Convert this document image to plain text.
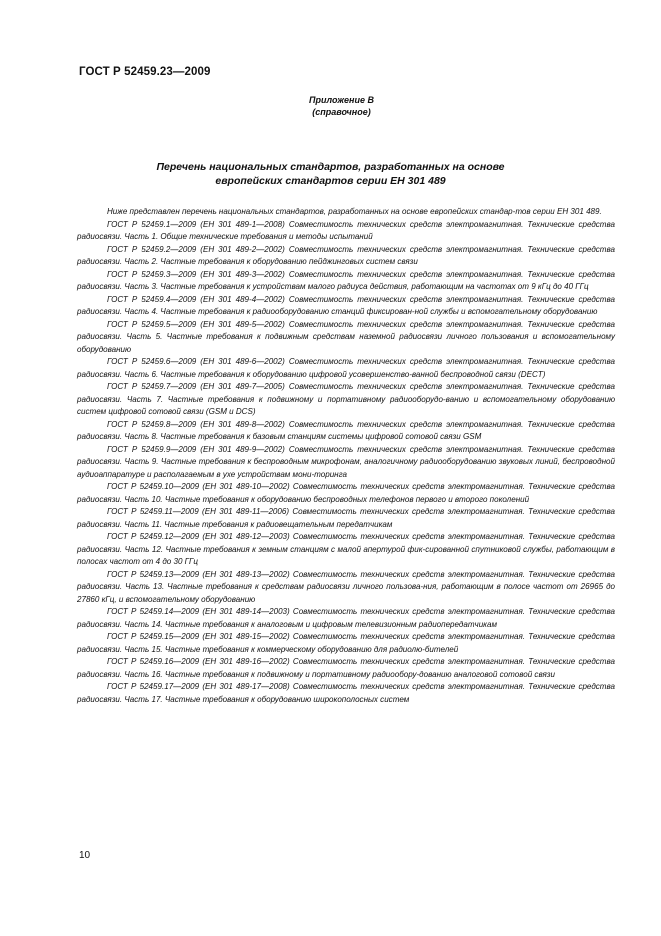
ГОСТ Р 52459.23—2009
Приложение В
(справочное)
Перечень национальных стандартов, разработанных на основе
европейских стандартов серии ЕН 301 489

Ниже представлен перечень национальных стандартов, разработанных на основе европейских стандар-тов серии ЕН 301 489.

ГОСТ Р 52459.1—2009 (ЕН 301 489-1—2008) Совместимость технических средств электромагнитная. Технические средства радиосвязи. Часть 1. Общие технические требования и методы испытаний

ГОСТ Р 52459.2—2009 (ЕН 301 489-2—2002) Совместимость технических средств электромагнитная. Технические средства радиосвязи. Часть 2. Частные требования к оборудованию пейджинговых систем связи

ГОСТ Р 52459.3—2009 (ЕН 301 489-3—2002) Совместимость технических средств электромагнитная. Технические средства радиосвязи. Часть 3. Частные требования к устройствам малого радиуса действия, работающим на частотах от 9 кГц до 40 ГГц

ГОСТ Р 52459.4—2009 (ЕН 301 489-4—2002) Совместимость технических средств электромагнитная. Технические средства радиосвязи. Часть 4. Частные требования к радиооборудованию станций фиксирован-ной службы и вспомогательному оборудованию

ГОСТ Р 52459.5—2009 (ЕН 301 489-5—2002) Совместимость технических средств электромагнитная. Технические средства радиосвязи. Часть 5. Частные требования к подвижным средствам наземной радиосвязи личного пользования и вспомогательному оборудованию

ГОСТ Р 52459.6—2009 (ЕН 301 489-6—2002) Совместимость технических средств электромагнитная. Технические средства радиосвязи. Часть 6. Частные требования к оборудованию цифровой усовершенство-ванной беспроводной связи (DECT)

ГОСТ Р 52459.7—2009 (ЕН 301 489-7—2005) Совместимость технических средств электромагнитная. Технические средства радиосвязи. Часть 7. Частные требования к подвижному и портативному радиооборудо-ванию и вспомогательному оборудованию систем цифровой сотовой связи (GSM и DCS)

ГОСТ Р 52459.8—2009 (ЕН 301 489-8—2002) Совместимость технических средств электромагнитная. Технические средства радиосвязи. Часть 8. Частные требования к базовым станциям системы цифровой сотовой связи GSM

ГОСТ Р 52459.9—2009 (ЕН 301 489-9—2002) Совместимость технических средств электромагнитная. Технические средства радиосвязи. Часть 9. Частные требования к беспроводным микрофонам, аналогичному радиооборудованию звуковых линий, беспроводной аудиоаппаратуре и располагаемым в ухе устройствам мони-торинга

ГОСТ Р 52459.10—2009 (ЕН 301 489-10—2002) Совместимость технических средств электромагнитная. Технические средства радиосвязи. Часть 10. Частные требования к оборудованию беспроводных телефонов первого и второго поколений

ГОСТ Р 52459.11—2009 (ЕН 301 489-11—2006) Совместимость технических средств электромагнитная. Технические средства радиосвязи. Часть 11. Частные требования к радиовещательным передатчикам

ГОСТ Р 52459.12—2009 (ЕН 301 489-12—2003) Совместимость технических средств электромагнитная. Технические средства радиосвязи. Часть 12. Частные требования к земным станциям с малой апертурой фик-сированной спутниковой службы, работающим в полосах частот от 4 до 30 ГГц

ГОСТ Р 52459.13—2009 (ЕН 301 489-13—2002) Совместимость технических средств электромагнитная. Технические средства радиосвязи. Часть 13. Частные требования к средствам радиосвязи личного пользова-ния, работающим в полосе частот от 26965 до 27860 кГц, и вспомогательному оборудованию

ГОСТ Р 52459.14—2009 (ЕН 301 489-14—2003) Совместимость технических средств электромагнитная. Технические средства радиосвязи. Часть 14. Частные требования к аналоговым и цифровым телевизионным радиопередатчикам

ГОСТ Р 52459.15—2009 (ЕН 301 489-15—2002) Совместимость технических средств электромагнитная. Технические средства радиосвязи. Часть 15. Частные требования к коммерческому оборудованию для радиолю-бителей

ГОСТ Р 52459.16—2009 (ЕН 301 489-16—2002) Совместимость технических средств электромагнитная. Технические средства радиосвязи. Часть 16. Частные требования к подвижному и портативному радиообору-дованию аналоговой сотовой связи

ГОСТ Р 52459.17—2009 (ЕН 301 489-17—2008) Совместимость технических средств электромагнитная. Технические средства радиосвязи. Часть 17. Частные требования к оборудованию широкополосных систем

10
